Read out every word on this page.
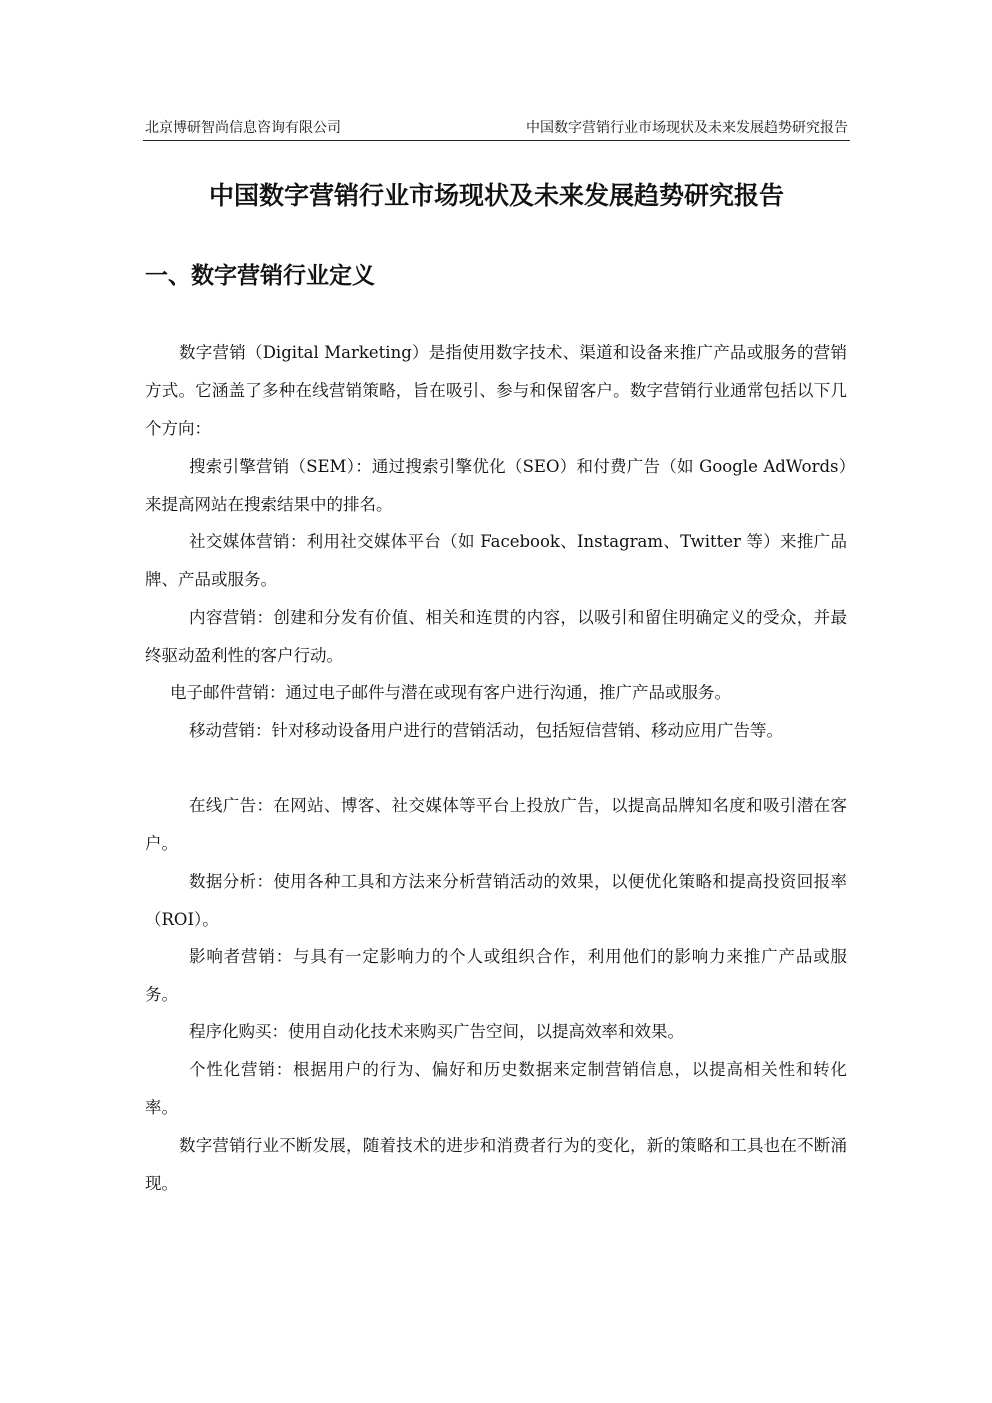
北京博研智尚信息咨询有限公司	中国数字营销行业市场现状及未来发展趋势研究报告
中国数字营销行业市场现状及未来发展趋势研究报告
一、数字营销行业定义

数字营销（Digital Marketing）是指使用数字技术、渠道和设备来推广产品或服务的营销方式。它涵盖了多种在线营销策略，旨在吸引、参与和保留客户。数字营销行业通常包括以下几个方向：

搜索引擎营销（SEM）：通过搜索引擎优化（SEO）和付费广告（如 Google AdWords）来提高网站在搜索结果中的排名。

社交媒体营销：利用社交媒体平台（如 Facebook、Instagram、Twitter 等）来推广品牌、产品或服务。

内容营销：创建和分发有价值、相关和连贯的内容，以吸引和留住明确定义的受众，并最终驱动盈利性的客户行动。

电子邮件营销：通过电子邮件与潜在或现有客户进行沟通，推广产品或服务。

移动营销：针对移动设备用户进行的营销活动，包括短信营销、移动应用广告等。

在线广告：在网站、博客、社交媒体等平台上投放广告，以提高品牌知名度和吸引潜在客户。

数据分析：使用各种工具和方法来分析营销活动的效果，以便优化策略和提高投资回报率（ROI）。

影响者营销：与具有一定影响力的个人或组织合作，利用他们的影响力来推广产品或服务。

程序化购买：使用自动化技术来购买广告空间，以提高效率和效果。

个性化营销：根据用户的行为、偏好和历史数据来定制营销信息，以提高相关性和转化率。

数字营销行业不断发展，随着技术的进步和消费者行为的变化，新的策略和工具也在不断涌现。
